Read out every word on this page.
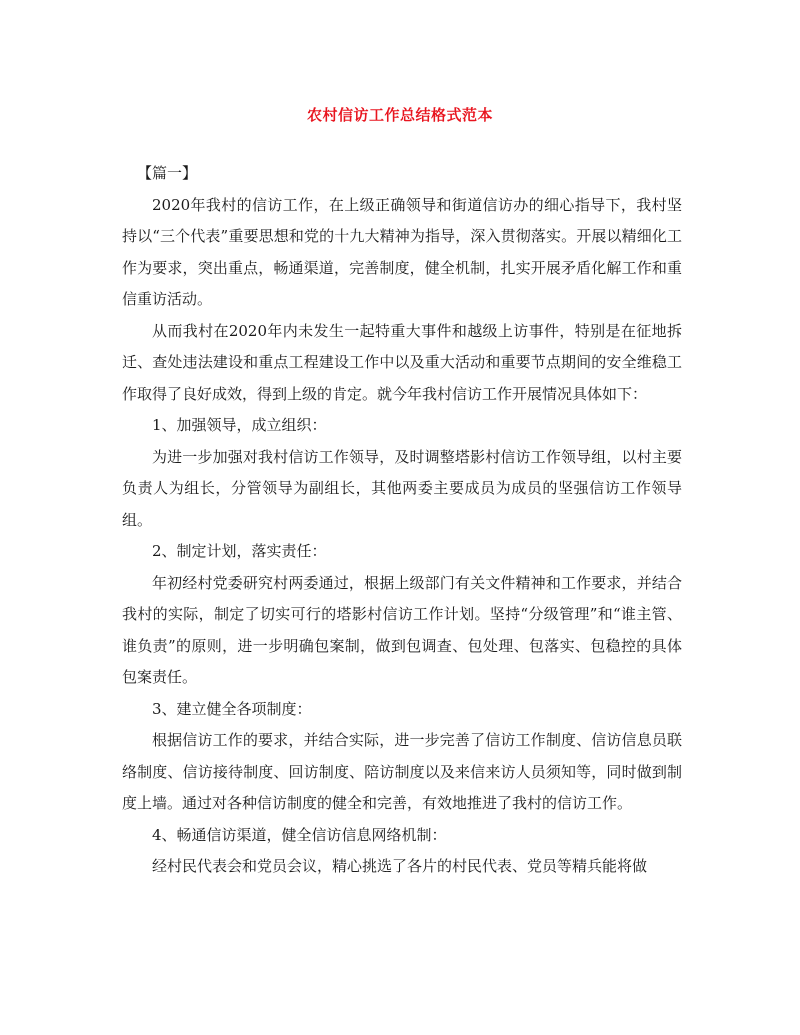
农村信访工作总结格式范本

【篇一】

2020年我村的信访工作，在上级正确领导和街道信访办的细心指导下，我村坚持以“三个代表”重要思想和党的十九大精神为指导，深入贯彻落实。开展以精细化工作为要求，突出重点，畅通渠道，完善制度，健全机制，扎实开展矛盾化解工作和重信重访活动。

从而我村在2020年内未发生一起特重大事件和越级上访事件，特别是在征地拆迁、查处违法建设和重点工程建设工作中以及重大活动和重要节点期间的安全维稳工作取得了良好成效，得到上级的肯定。就今年我村信访工作开展情况具体如下：

1、加强领导，成立组织：

为进一步加强对我村信访工作领导，及时调整塔影村信访工作领导组，以村主要负责人为组长，分管领导为副组长，其他两委主要成员为成员的坚强信访工作领导组。

2、制定计划，落实责任：

年初经村党委研究村两委通过，根据上级部门有关文件精神和工作要求，并结合我村的实际，制定了切实可行的塔影村信访工作计划。坚持“分级管理”和“谁主管、谁负责”的原则，进一步明确包案制，做到包调查、包处理、包落实、包稳控的具体包案责任。

3、建立健全各项制度：

根据信访工作的要求，并结合实际，进一步完善了信访工作制度、信访信息员联络制度、信访接待制度、回访制度、陪访制度以及来信来访人员须知等，同时做到制度上墙。通过对各种信访制度的健全和完善，有效地推进了我村的信访工作。

4、畅通信访渠道，健全信访信息网络机制：

经村民代表会和党员会议，精心挑选了各片的村民代表、党员等精兵能将做
